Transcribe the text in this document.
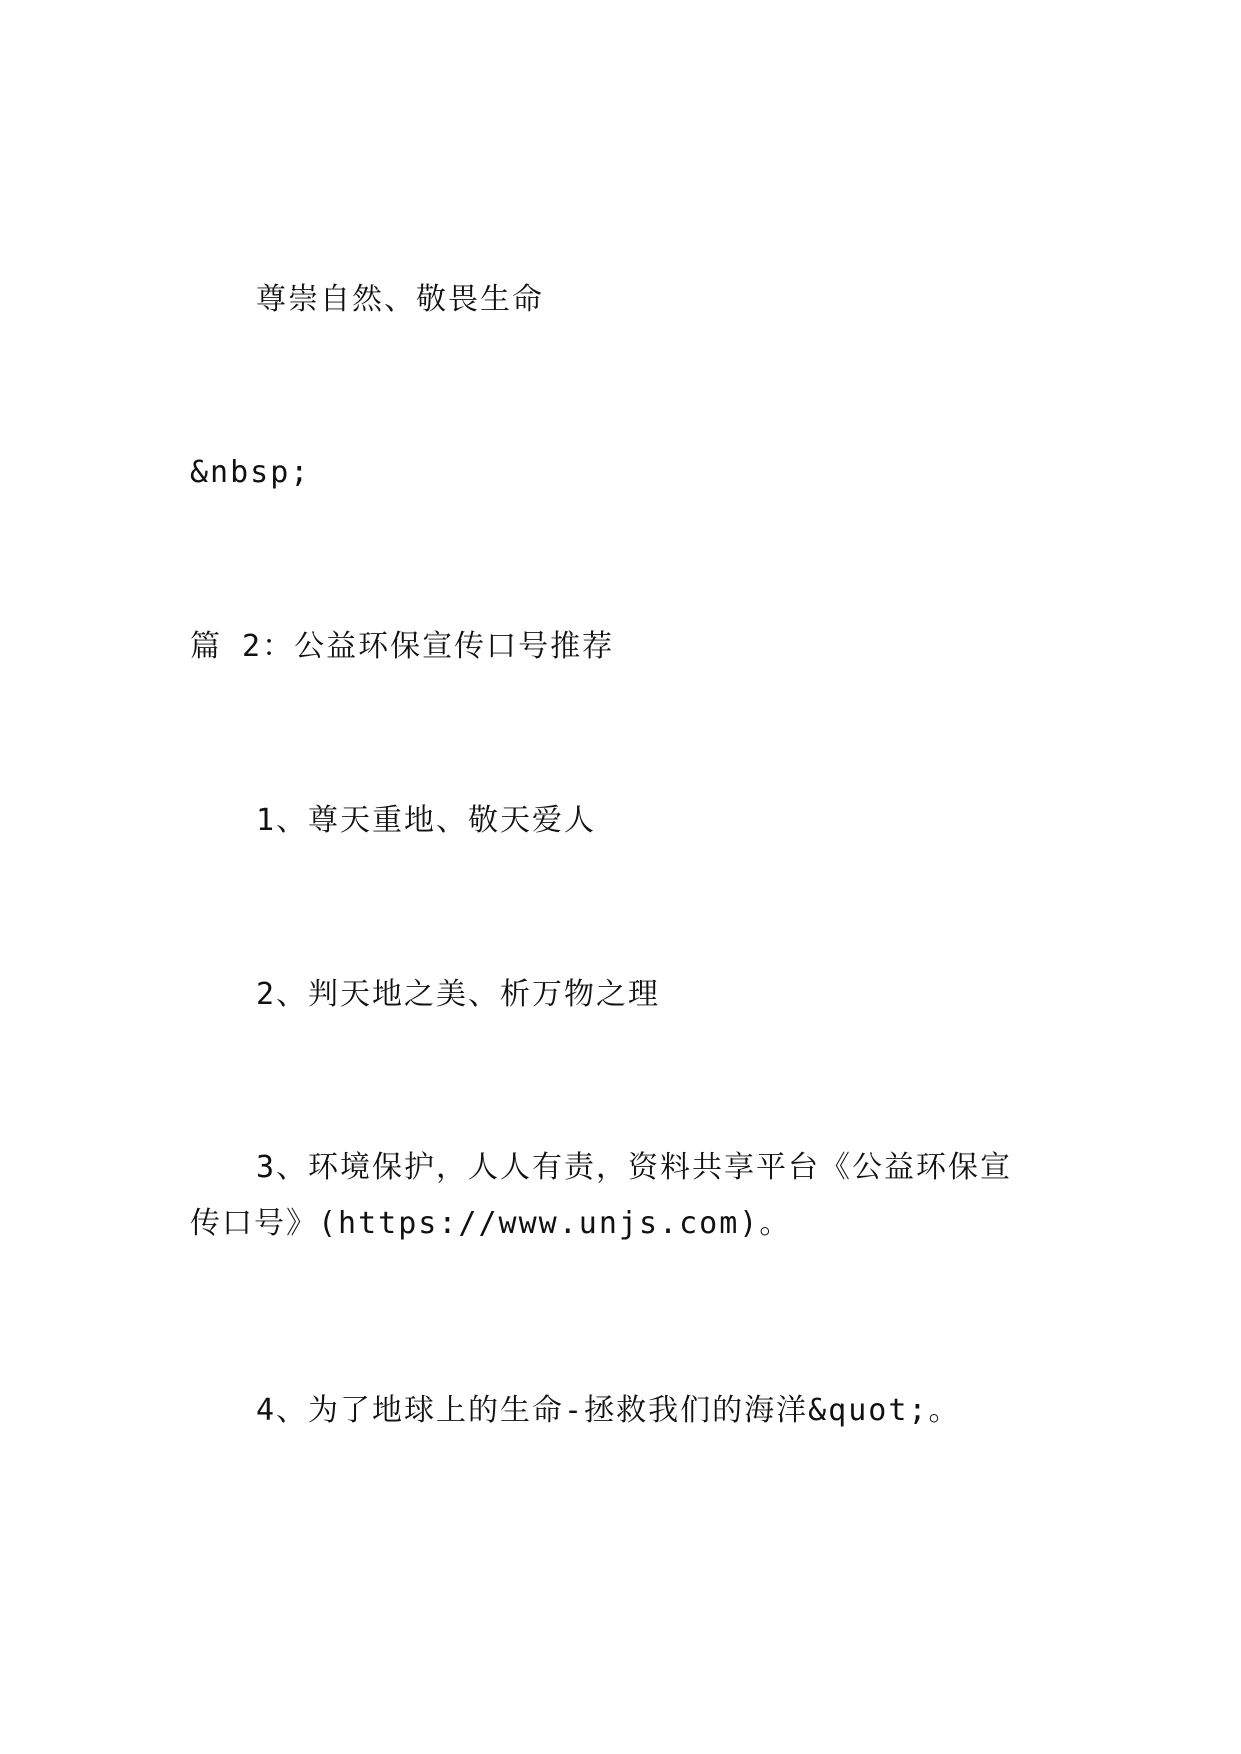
尊崇自然、敬畏生命
&nbsp;
篇 2：公益环保宣传口号推荐
1、尊天重地、敬天爱人
2、判天地之美、析万物之理
3、环境保护，人人有责，资料共享平台《公益环保宣
传口号》(https://www.unjs.com)。
4、为了地球上的生命-拯救我们的海洋&quot;。
